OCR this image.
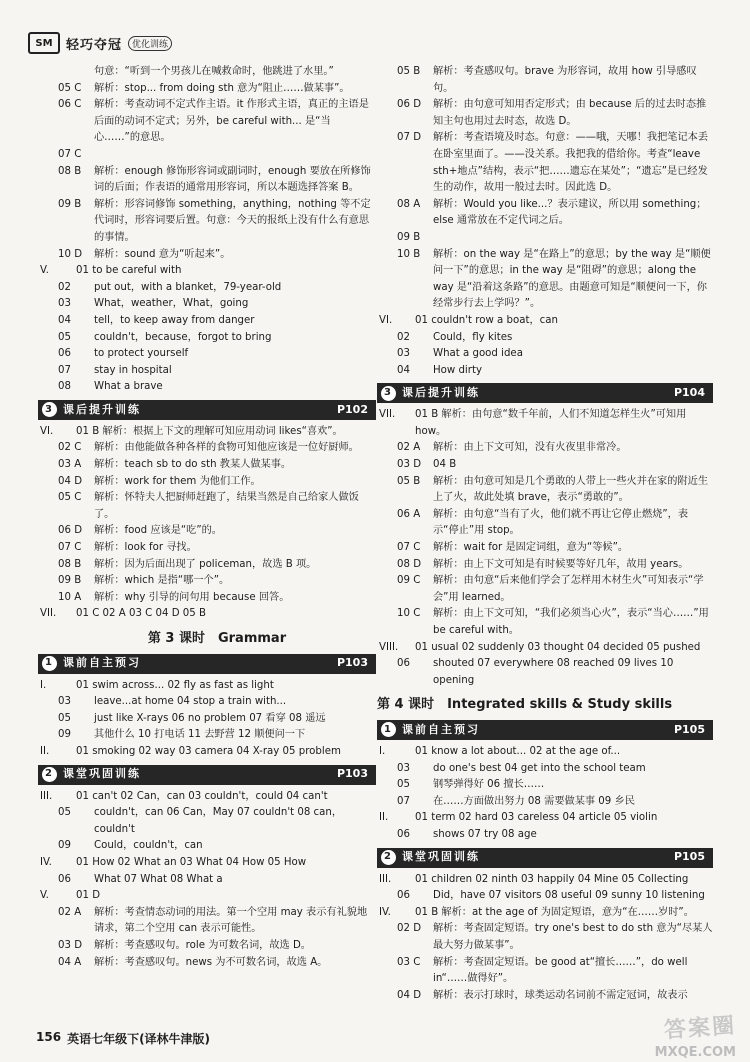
SM	轻巧夺冠	优化训练
句意：“听到一个男孩儿在喊救命时，他跳进了水里。”
05 C	解析：stop... from doing sth 意为“阻止……做某事”。
06 C	解析：考查动词不定式作主语。it 作形式主语，真正的主语是后面的动词不定式；另外，be careful with... 是“当心……”的意思。
07 C
08 B	解析：enough 修饰形容词或副词时，enough 要放在所修饰词的后面；作表语的通常用形容词，所以本题选择答案 B。
09 B	解析：形容词修饰 something，anything，nothing 等不定代词时，形容词要后置。句意：今天的报纸上没有什么有意思的事情。
10 D	解析：sound 意为“听起来”。
V.	01 to be careful with
02	put out，with a blanket，79-year-old
03	What，weather，What，going
04	tell，to keep away from danger
05	couldn't，because，forgot to bring
06	to protect yourself
07	stay in hospital
08	What a brave
3 课后提升训练	P102
VI.	01 B 解析：根据上下文的理解可知应用动词 likes“喜欢”。
02 C	解析：由他能做各种各样的食物可知他应该是一位好厨师。
03 A	解析：teach sb to do sth 教某人做某事。
04 D	解析：work for them 为他们工作。
05 C	解析：怀特夫人把厨师赶跑了，结果当然是自己给家人做饭了。
06 D	解析：food 应该是“吃”的。
07 C	解析：look for 寻找。
08 B	解析：因为后面出现了 policeman，故选 B 项。
09 B	解析：which 是指“哪一个”。
10 A	解析：why 引导的问句用 because 回答。
VII.	01 C 02 A 03 C 04 D 05 B
第 3 课时　Grammar
1 课前自主预习	P103
I.	01 swim across... 02 fly as fast as light
03	leave...at home 04 stop a train with...
05	just like X-rays 06 no problem 07 看穿 08 遥远
09	其他什么 10 打电话 11 去野营 12 顺便问一下
II.	01 smoking 02 way 03 camera 04 X-ray 05 problem
2 课堂巩固训练	P103
III.	01 can't 02 Can，can 03 couldn't，could 04 can't
05	couldn't，can 06 Can，May 07 couldn't 08 can，couldn't
09	Could，couldn't，can
IV.	01 How 02 What an 03 What 04 How 05 How
06	What 07 What 08 What a
V.	01 D
02 A	解析：考查情态动词的用法。第一个空用 may 表示有礼貌地请求，第二个空用 can 表示可能性。
03 D	解析：考查感叹句。role 为可数名词，故选 D。
04 A	解析：考查感叹句。news 为不可数名词，故选 A。
05 B	解析：考查感叹句。brave 为形容词，故用 how 引导感叹句。
06 D	解析：由句意可知用否定形式；由 because 后的过去时态推知主句也用过去时态，故选 D。
07 D	解析：考查语境及时态。句意：——哦，天哪！我把笔记本丢在卧室里面了。——没关系。我把我的借给你。考查“leave sth+地点”结构，表示“把……遗忘在某处”；“遗忘”是已经发生的动作，故用一般过去时。因此选 D。
08 A	解析：Would you like...？表示建议，所以用 something；else 通常放在不定代词之后。
09 B
10 B	解析：on the way 是“在路上”的意思；by the way 是“顺便问一下”的意思；in the way 是“阻碍”的意思；along the way 是“沿着这条路”的意思。由题意可知是“顺便问一下，你经常步行去上学吗？”。
VI.	01 couldn't row a boat，can
02	Could，fly kites
03	What a good idea
04	How dirty
3 课后提升训练	P104
VII.	01 B 解析：由句意“数千年前，人们不知道怎样生火”可知用 how。
02 A	解析：由上下文可知，没有火夜里非常冷。
03 D	04 B
05 B	解析：由句意可知是几个勇敢的人带上一些火并在家的附近生上了火，故此处填 brave，表示“勇敢的”。
06 A	解析：由句意“当有了火，他们就不再让它停止燃烧”，表示“停止”用 stop。
07 C	解析：wait for 是固定词组，意为“等候”。
08 D	解析：由上下文可知是有时候要等好几年，故用 years。
09 C	解析：由句意“后来他们学会了怎样用木材生火”可知表示“学会”用 learned。
10 C	解析：由上下文可知，“我们必须当心火”，表示“当心……”用 be careful with。
VIII.	01 usual 02 suddenly 03 thought 04 decided 05 pushed
06	shouted 07 everywhere 08 reached 09 lives 10 opening
第 4 课时　Integrated skills & Study skills
1 课前自主预习	P105
I.	01 know a lot about... 02 at the age of...
03	do one's best 04 get into the school team
05	钢琴弹得好 06 擅长……
07	在……方面做出努力 08 需要做某事 09 乡民
II.	01 term 02 hard 03 careless 04 article 05 violin
06	shows 07 try 08 age
2 课堂巩固训练	P105
III.	01 children 02 ninth 03 happily 04 Mine 05 Collecting
06	Did，have 07 visitors 08 useful 09 sunny 10 listening
IV.	01 B 解析：at the age of 为固定短语，意为“在……岁时”。
02 D	解析：考查固定短语。try one's best to do sth 意为“尽某人最大努力做某事”。
03 C	解析：考查固定短语。be good at“擅长……”，do well in“……做得好”。
04 D	解析：表示打球时，球类运动名词前不需定冠词，故表示
156 英语七年级下(译林牛津版)	答案圈
MXQE.COM
